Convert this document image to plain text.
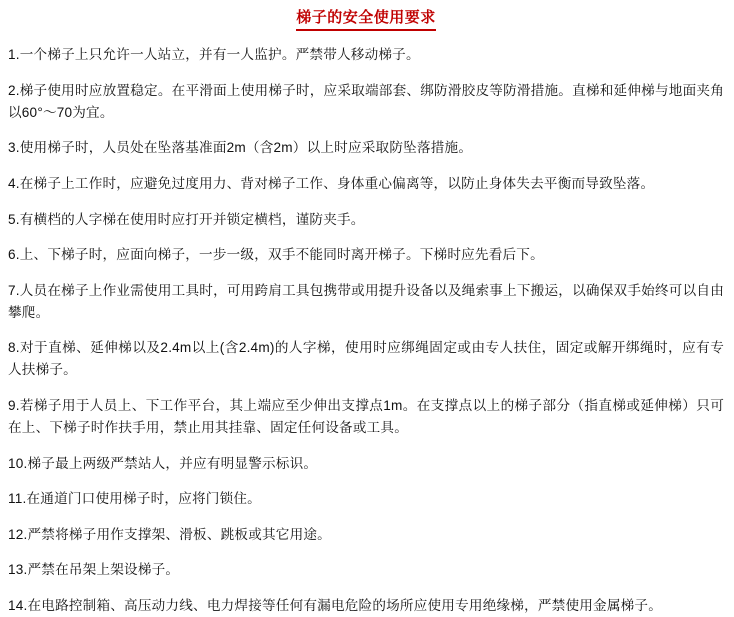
梯子的安全使用要求

1.一个梯子上只允许一人站立，并有一人监护。严禁带人移动梯子。

2.梯子使用时应放置稳定。在平滑面上使用梯子时，应采取端部套、绑防滑胶皮等防滑措施。直梯和延伸梯与地面夹角以60°～70为宜。

3.使用梯子时，人员处在坠落基准面2m（含2m）以上时应采取防坠落措施。

4.在梯子上工作时，应避免过度用力、背对梯子工作、身体重心偏离等，以防止身体失去平衡而导致坠落。

5.有横档的人字梯在使用时应打开并锁定横档，谨防夹手。

6.上、下梯子时，应面向梯子，一步一级，双手不能同时离开梯子。下梯时应先看后下。

7.人员在梯子上作业需使用工具时，可用跨肩工具包携带或用提升设备以及绳索事上下搬运，以确保双手始终可以自由攀爬。

8.对于直梯、延伸梯以及2.4m以上(含2.4m)的人字梯，使用时应绑绳固定或由专人扶住，固定或解开绑绳时，应有专人扶梯子。

9.若梯子用于人员上、下工作平台，其上端应至少伸出支撑点1m。在支撑点以上的梯子部分（指直梯或延伸梯）只可在上、下梯子时作扶手用，禁止用其挂靠、固定任何设备或工具。

10.梯子最上两级严禁站人，并应有明显警示标识。

11.在通道门口使用梯子时，应将门锁住。

12.严禁将梯子用作支撑架、滑板、跳板或其它用途。

13.严禁在吊架上架设梯子。

14.在电路控制箱、高压动力线、电力焊接等任何有漏电危险的场所应使用专用绝缘梯，严禁使用金属梯子。
